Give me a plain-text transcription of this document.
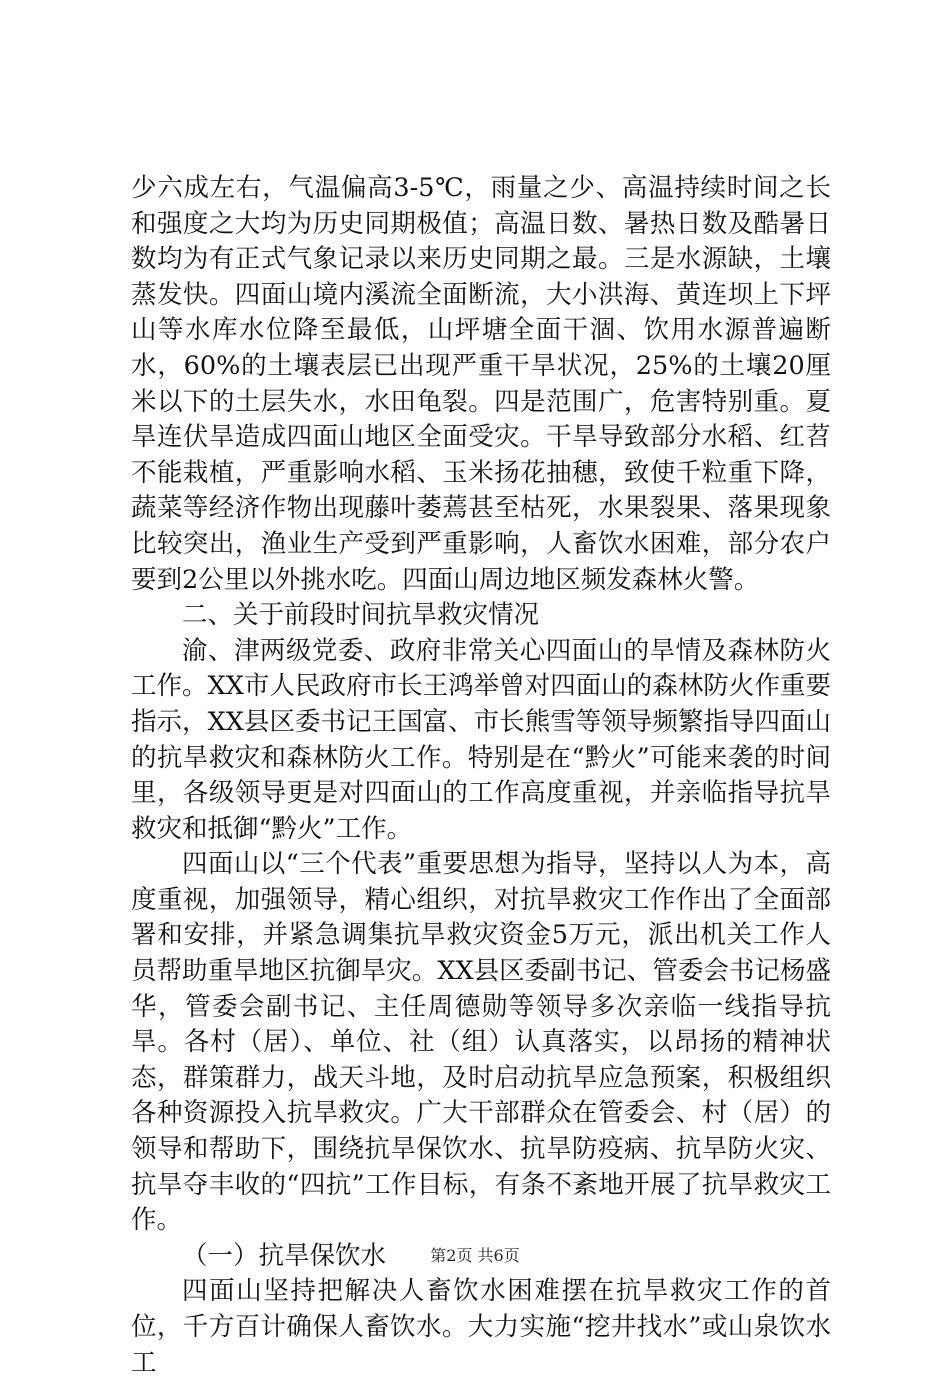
少六成左右，气温偏高3-5℃，雨量之少、高温持续时间之长和强度之大均为历史同期极值；高温日数、暑热日数及酷暑日数均为有正式气象记录以来历史同期之最。三是水源缺，土壤蒸发快。四面山境内溪流全面断流，大小洪海、黄连坝上下坪山等水库水位降至最低，山坪塘全面干涸、饮用水源普遍断水，60%的土壤表层已出现严重干旱状况，25%的土壤20厘米以下的土层失水，水田龟裂。四是范围广，危害特别重。夏旱连伏旱造成四面山地区全面受灾。干旱导致部分水稻、红苕不能栽植，严重影响水稻、玉米扬花抽穗，致使千粒重下降，蔬菜等经济作物出现藤叶萎蔫甚至枯死，水果裂果、落果现象比较突出，渔业生产受到严重影响，人畜饮水困难，部分农户要到2公里以外挑水吃。四面山周边地区频发森林火警。

二、关于前段时间抗旱救灾情况

渝、津两级党委、政府非常关心四面山的旱情及森林防火工作。XX市人民政府市长王鸿举曾对四面山的森林防火作重要指示，XX县区委书记王国富、市长熊雪等领导频繁指导四面山的抗旱救灾和森林防火工作。特别是在“黔火”可能来袭的时间里，各级领导更是对四面山的工作高度重视，并亲临指导抗旱救灾和抵御“黔火”工作。

四面山以“三个代表”重要思想为指导，坚持以人为本，高度重视，加强领导，精心组织，对抗旱救灾工作作出了全面部署和安排，并紧急调集抗旱救灾资金5万元，派出机关工作人员帮助重旱地区抗御旱灾。XX县区委副书记、管委会书记杨盛华，管委会副书记、主任周德勋等领导多次亲临一线指导抗旱。各村（居）、单位、社（组）认真落实，以昂扬的精神状态，群策群力，战天斗地，及时启动抗旱应急预案，积极组织各种资源投入抗旱救灾。广大干部群众在管委会、村（居）的领导和帮助下，围绕抗旱保饮水、抗旱防疫病、抗旱防火灾、抗旱夺丰收的“四抗”工作目标，有条不紊地开展了抗旱救灾工作。

（一）抗旱保饮水

四面山坚持把解决人畜饮水困难摆在抗旱救灾工作的首位，千方百计确保人畜饮水。大力实施“挖井找水”或山泉饮水工

第2页 共6页
